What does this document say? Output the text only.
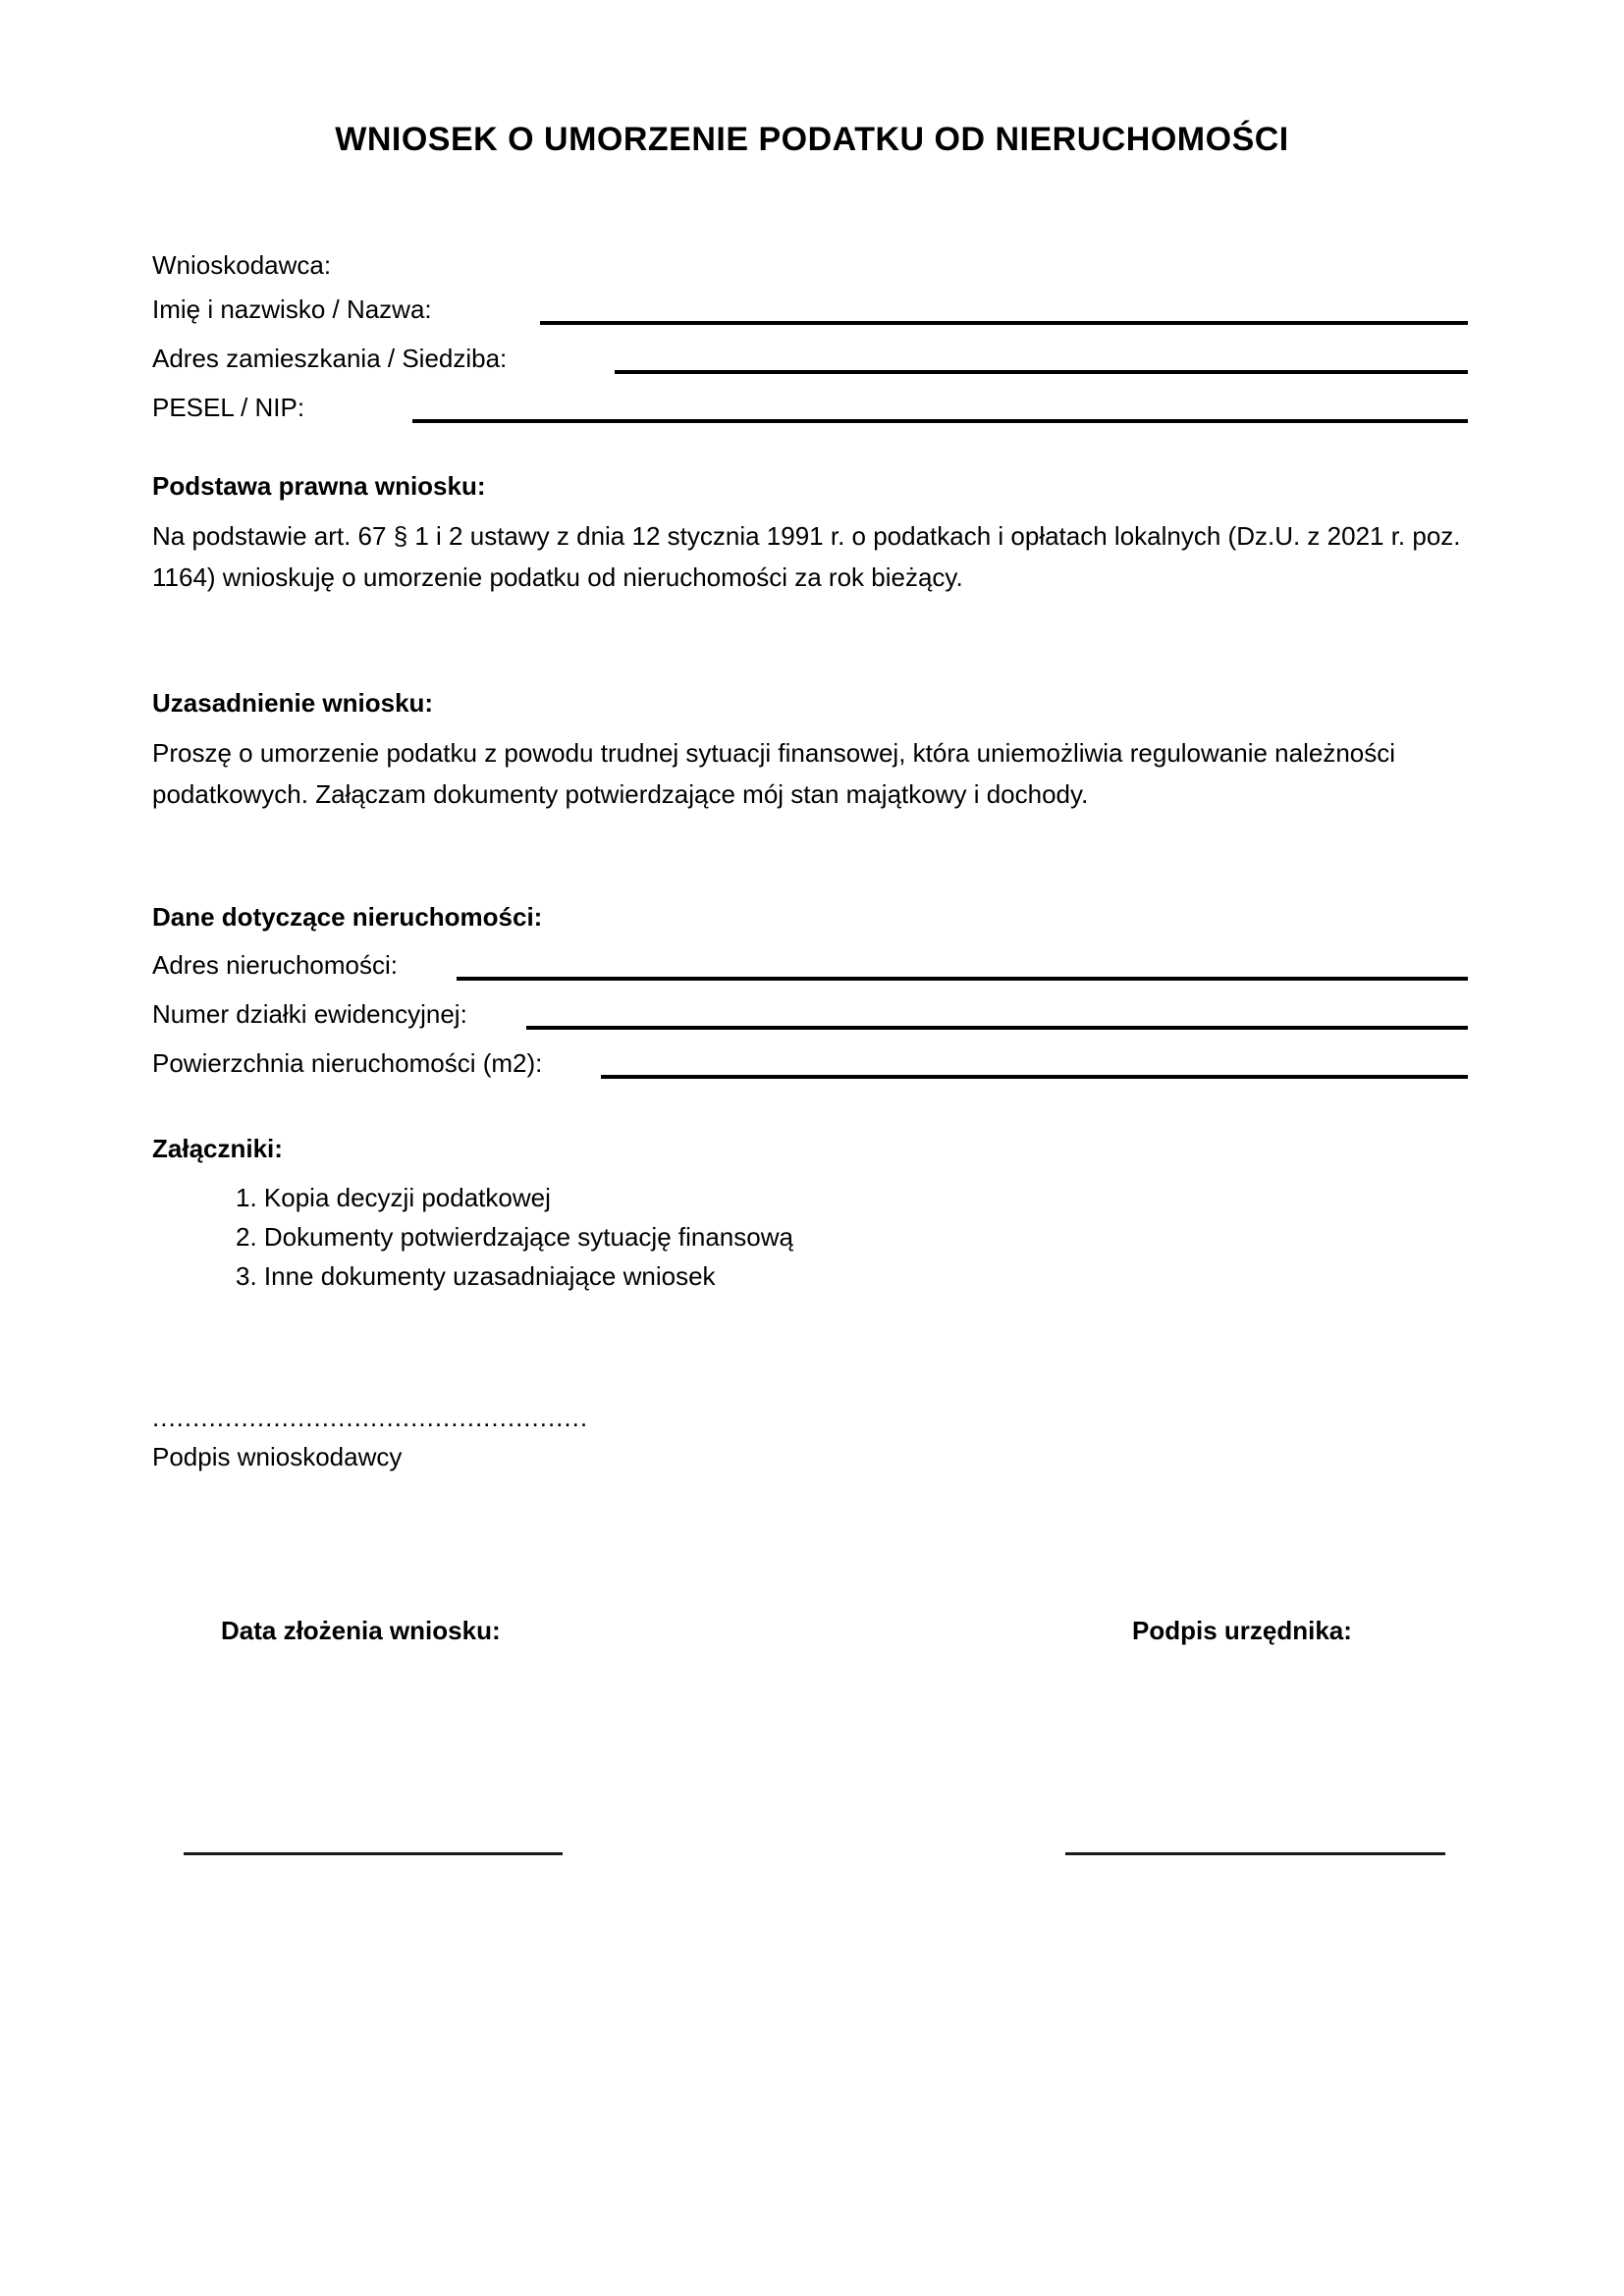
WNIOSEK O UMORZENIE PODATKU OD NIERUCHOMOŚCI
Wnioskodawca:
Imię i nazwisko / Nazwa:
Adres zamieszkania / Siedziba:
PESEL / NIP:
Podstawa prawna wniosku:

Na podstawie art. 67 § 1 i 2 ustawy z dnia 12 stycznia 1991 r. o podatkach i opłatach lokalnych (Dz.U. z 2021 r. poz. 1164) wnioskuję o umorzenie podatku od nieruchomości za rok bieżący.

Uzasadnienie wniosku:

Proszę o umorzenie podatku z powodu trudnej sytuacji finansowej, która uniemożliwia regulowanie należności podatkowych. Załączam dokumenty potwierdzające mój stan majątkowy i dochody.

Dane dotyczące nieruchomości:
Adres nieruchomości:
Numer działki ewidencyjnej:
Powierzchnia nieruchomości (m2):
Załączniki:
1. Kopia decyzji podatkowej
2. Dokumenty potwierdzające sytuację finansową
3. Inne dokumenty uzasadniające wniosek
......................................................
Podpis wnioskodawcy
Data złożenia wniosku:	Podpis urzędnika:
